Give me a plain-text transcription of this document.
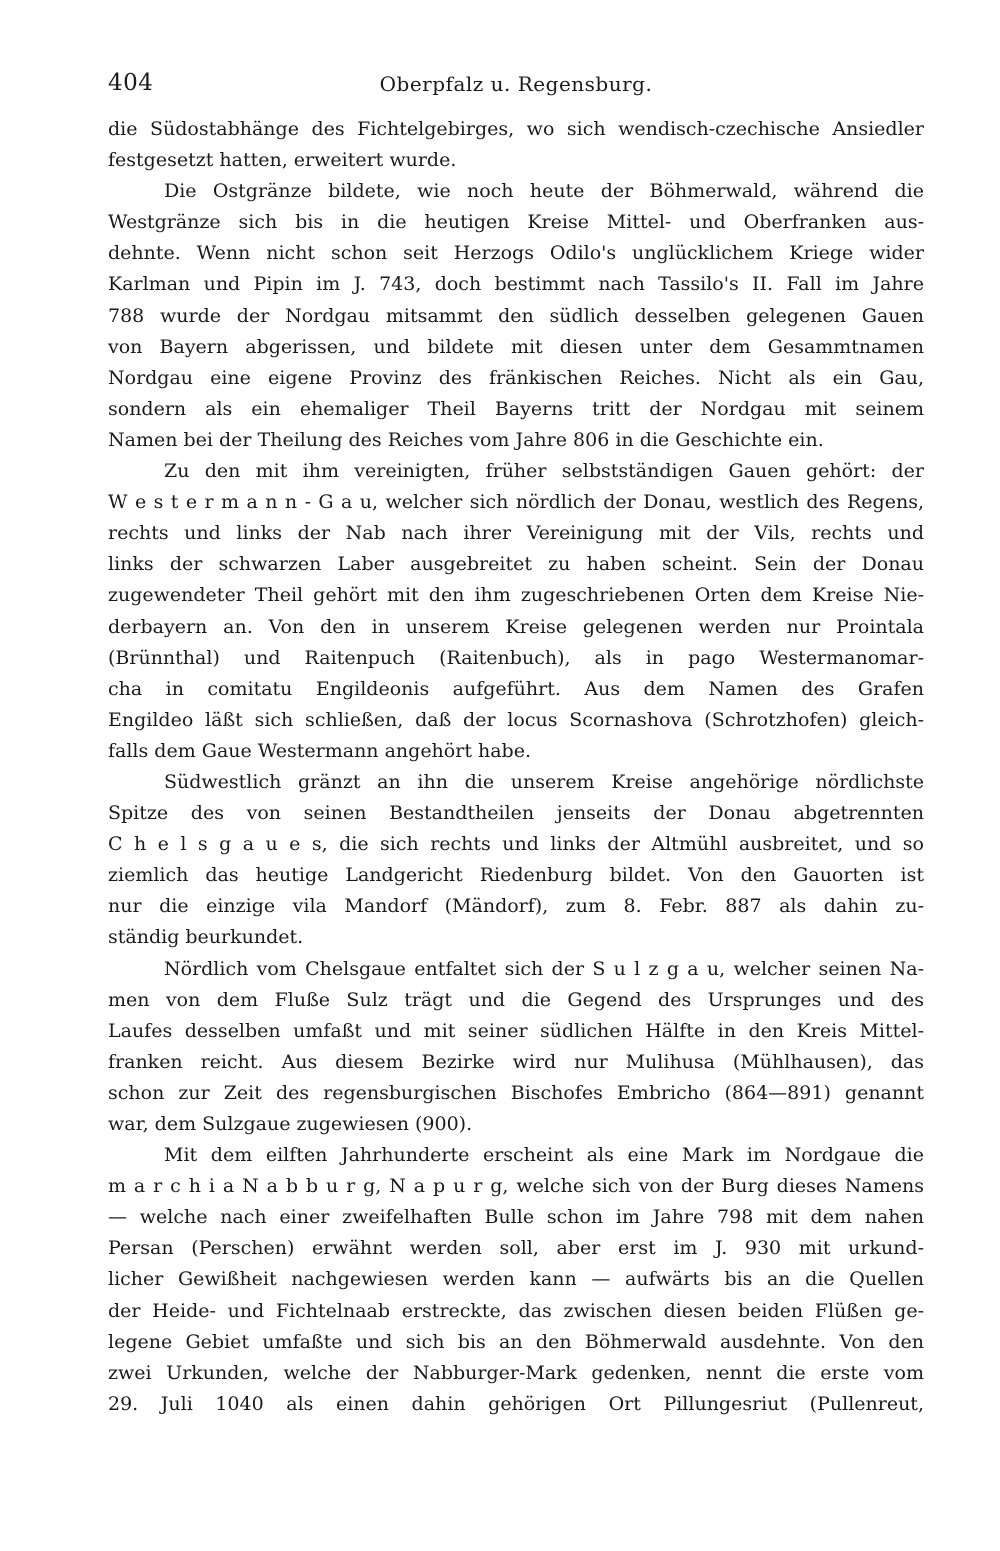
404	Oberpfalz u. Regensburg.
die Südostabhänge des Fichtelgebirges, wo sich wendisch-czechische Ansiedler
festgesetzt hatten, erweitert wurde.
Die Ostgränze bildete, wie noch heute der Böhmerwald, während die
Westgränze sich bis in die heutigen Kreise Mittel- und Oberfranken aus-
dehnte. Wenn nicht schon seit Herzogs Odilo's unglücklichem Kriege wider
Karlman und Pipin im J. 743, doch bestimmt nach Tassilo's II. Fall im Jahre
788 wurde der Nordgau mitsammt den südlich desselben gelegenen Gauen
von Bayern abgerissen, und bildete mit diesen unter dem Gesammtnamen
Nordgau eine eigene Provinz des fränkischen Reiches. Nicht als ein Gau,
sondern als ein ehemaliger Theil Bayerns tritt der Nordgau mit seinem
Namen bei der Theilung des Reiches vom Jahre 806 in die Geschichte ein.
Zu den mit ihm vereinigten, früher selbstständigen Gauen gehört: der
W e s t e r m a n n - G a u, welcher sich nördlich der Donau, westlich des Regens,
rechts und links der Nab nach ihrer Vereinigung mit der Vils, rechts und
links der schwarzen Laber ausgebreitet zu haben scheint. Sein der Donau
zugewendeter Theil gehört mit den ihm zugeschriebenen Orten dem Kreise Nie-
derbayern an. Von den in unserem Kreise gelegenen werden nur Prointala
(Brünnthal) und Raitenpuch (Raitenbuch), als in pago Westermanomar-
cha in comitatu Engildeonis aufgeführt. Aus dem Namen des Grafen
Engildeo läßt sich schließen, daß der locus Scornashova (Schrotzhofen) gleich-
falls dem Gaue Westermann angehört habe.
Südwestlich gränzt an ihn die unserem Kreise angehörige nördlichste
Spitze des von seinen Bestandtheilen jenseits der Donau abgetrennten
C h e l s g a u e s, die sich rechts und links der Altmühl ausbreitet, und so
ziemlich das heutige Landgericht Riedenburg bildet. Von den Gauorten ist
nur die einzige vila Mandorf (Mändorf), zum 8. Febr. 887 als dahin zu-
ständig beurkundet.
Nördlich vom Chelsgaue entfaltet sich der S u l z g a u, welcher seinen Na-
men von dem Fluße Sulz trägt und die Gegend des Ursprunges und des
Laufes desselben umfaßt und mit seiner südlichen Hälfte in den Kreis Mittel-
franken reicht. Aus diesem Bezirke wird nur Mulihusa (Mühlhausen), das
schon zur Zeit des regensburgischen Bischofes Embricho (864—891) genannt
war, dem Sulzgaue zugewiesen (900).
Mit dem eilften Jahrhunderte erscheint als eine Mark im Nordgaue die
m a r c h i a N a b b u r g, N a p u r g, welche sich von der Burg dieses Namens
— welche nach einer zweifelhaften Bulle schon im Jahre 798 mit dem nahen
Persan (Perschen) erwähnt werden soll, aber erst im J. 930 mit urkund-
licher Gewißheit nachgewiesen werden kann — aufwärts bis an die Quellen
der Heide- und Fichtelnaab erstreckte, das zwischen diesen beiden Flüßen ge-
legene Gebiet umfaßte und sich bis an den Böhmerwald ausdehnte. Von den
zwei Urkunden, welche der Nabburger-Mark gedenken, nennt die erste vom
29. Juli 1040 als einen dahin gehörigen Ort Pillungesriut (Pullenreut,
